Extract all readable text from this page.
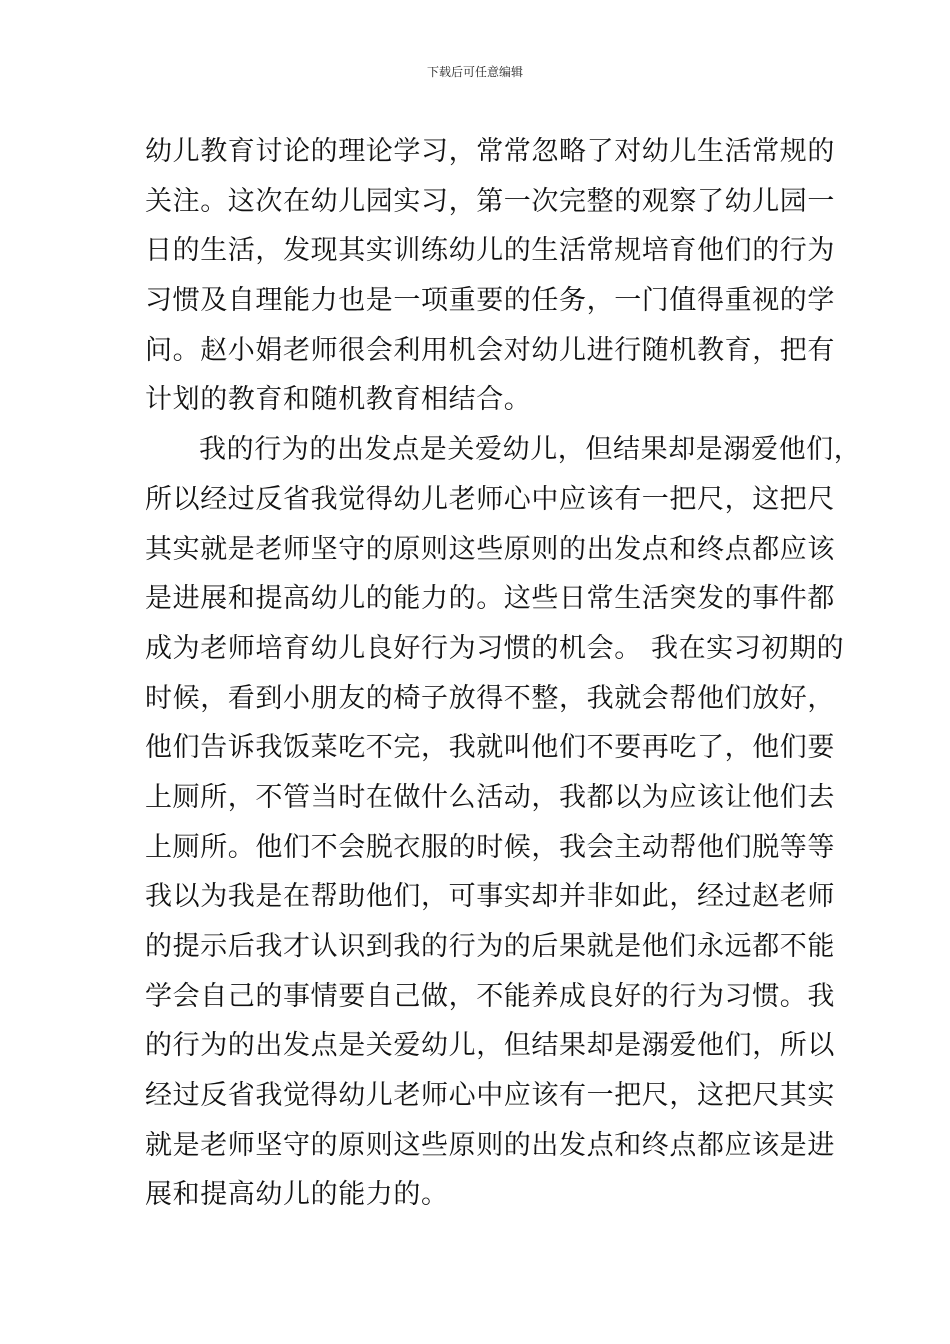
下载后可任意编辑
幼儿教育讨论的理论学习，常常忽略了对幼儿生活常规的
关注。这次在幼儿园实习，第一次完整的观察了幼儿园一
日的生活，发现其实训练幼儿的生活常规培育他们的行为
习惯及自理能力也是一项重要的任务，一门值得重视的学
问。赵小娟老师很会利用机会对幼儿进行随机教育，把有
计划的教育和随机教育相结合。
我的行为的出发点是关爱幼儿，但结果却是溺爱他们，
所以经过反省我觉得幼儿老师心中应该有一把尺，这把尺
其实就是老师坚守的原则这些原则的出发点和终点都应该
是进展和提高幼儿的能力的。这些日常生活突发的事件都
成为老师培育幼儿良好行为习惯的机会。 我在实习初期的
时候，看到小朋友的椅子放得不整，我就会帮他们放好，
他们告诉我饭菜吃不完，我就叫他们不要再吃了，他们要
上厕所，不管当时在做什么活动，我都以为应该让他们去
上厕所。他们不会脱衣服的时候，我会主动帮他们脱等等
我以为我是在帮助他们，可事实却并非如此，经过赵老师
的提示后我才认识到我的行为的后果就是他们永远都不能
学会自己的事情要自己做，不能养成良好的行为习惯。我
的行为的出发点是关爱幼儿，但结果却是溺爱他们，所以
经过反省我觉得幼儿老师心中应该有一把尺，这把尺其实
就是老师坚守的原则这些原则的出发点和终点都应该是进
展和提高幼儿的能力的。
